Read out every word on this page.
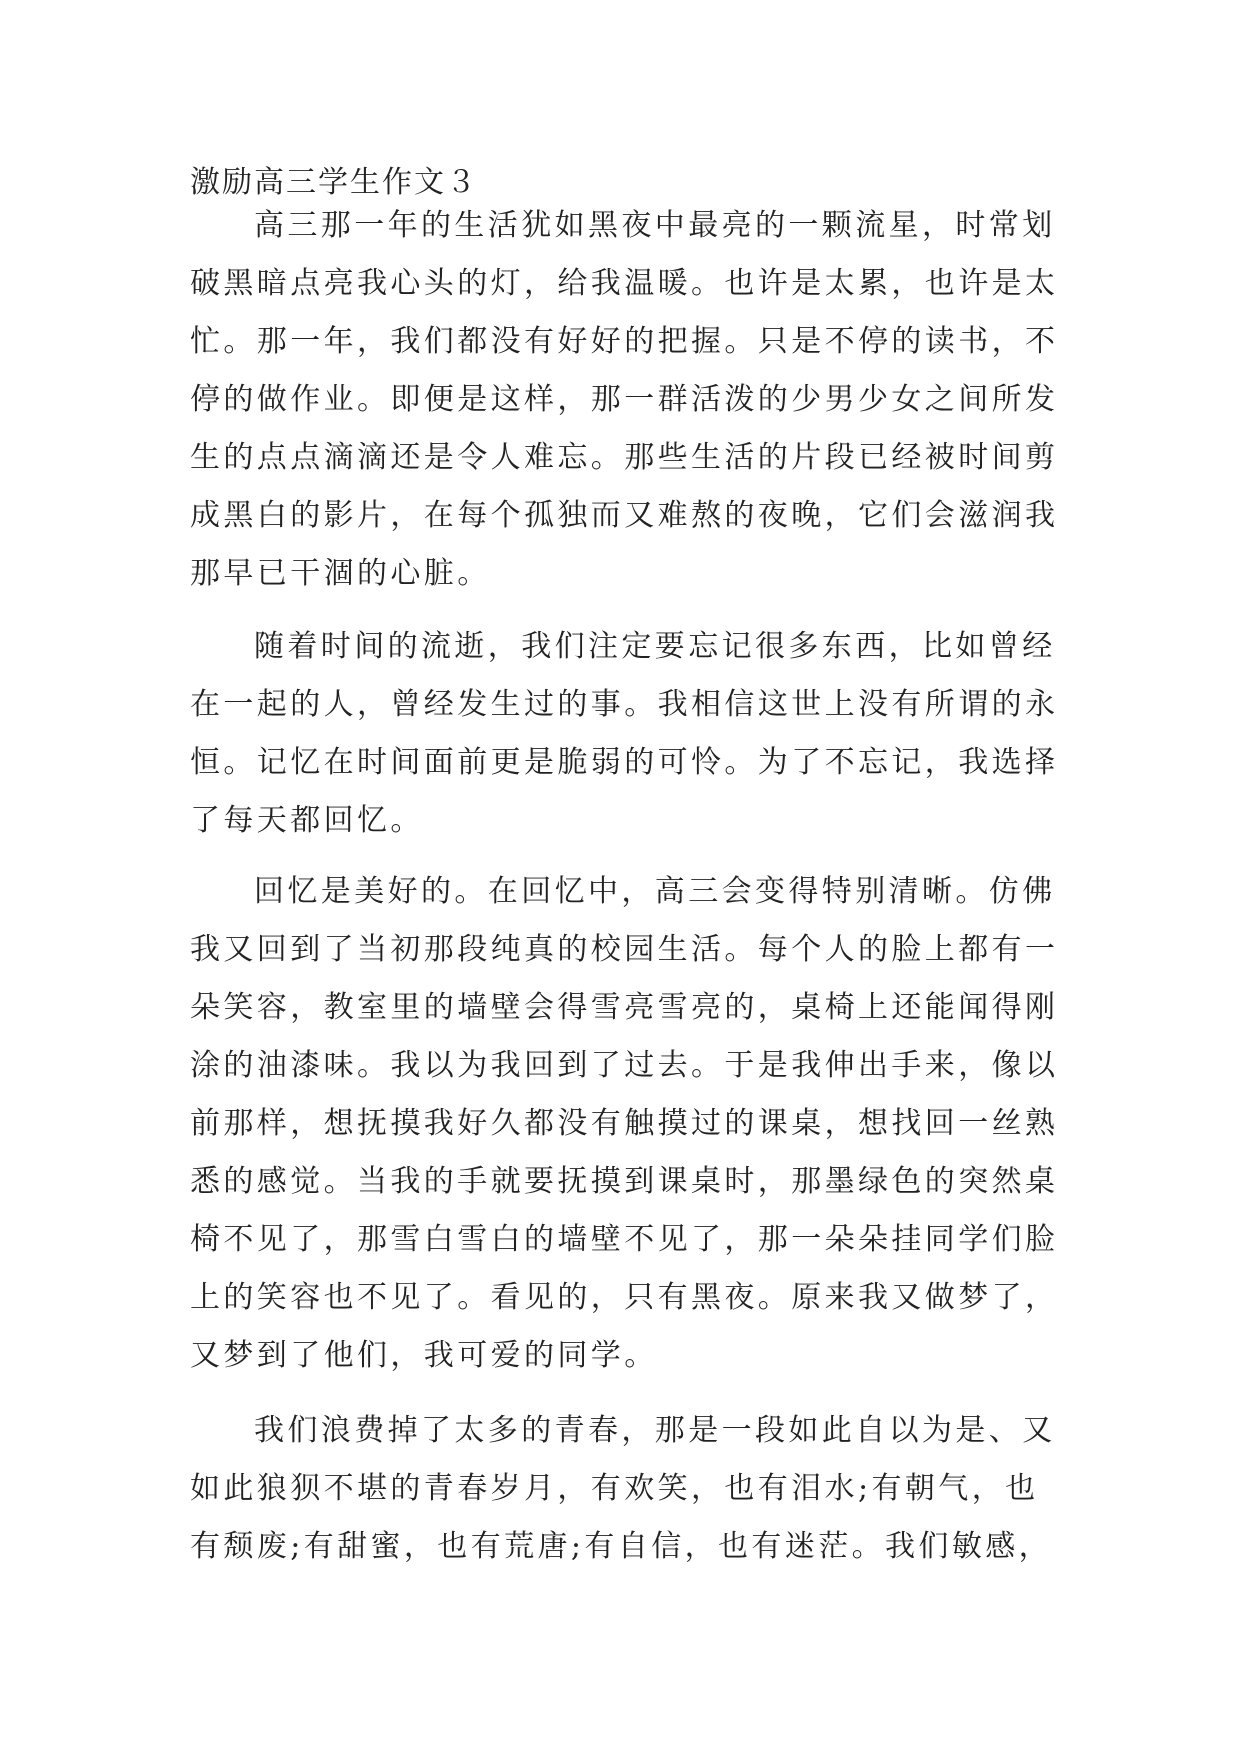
激励高三学生作文３
高三那一年的生活犹如黑夜中最亮的一颗流星，时常划
破黑暗点亮我心头的灯，给我温暖。也许是太累，也许是太
忙。那一年，我们都没有好好的把握。只是不停的读书，不
停的做作业。即便是这样，那一群活泼的少男少女之间所发
生的点点滴滴还是令人难忘。那些生活的片段已经被时间剪
成黑白的影片，在每个孤独而又难熬的夜晚，它们会滋润我
那早已干涸的心脏。
随着时间的流逝，我们注定要忘记很多东西，比如曾经
在一起的人，曾经发生过的事。我相信这世上没有所谓的永
恒。记忆在时间面前更是脆弱的可怜。为了不忘记，我选择
了每天都回忆。
回忆是美好的。在回忆中，高三会变得特别清晰。仿佛
我又回到了当初那段纯真的校园生活。每个人的脸上都有一
朵笑容，教室里的墙壁会得雪亮雪亮的，桌椅上还能闻得刚
涂的油漆味。我以为我回到了过去。于是我伸出手来，像以
前那样，想抚摸我好久都没有触摸过的课桌，想找回一丝熟
悉的感觉。当我的手就要抚摸到课桌时，那墨绿色的突然桌
椅不见了，那雪白雪白的墙壁不见了，那一朵朵挂同学们脸
上的笑容也不见了。看见的，只有黑夜。原来我又做梦了，
又梦到了他们，我可爱的同学。
我们浪费掉了太多的青春，那是一段如此自以为是、又
如此狼狈不堪的青春岁月，有欢笑，也有泪水;有朝气，也
有颓废;有甜蜜，也有荒唐;有自信，也有迷茫。我们敏感，
